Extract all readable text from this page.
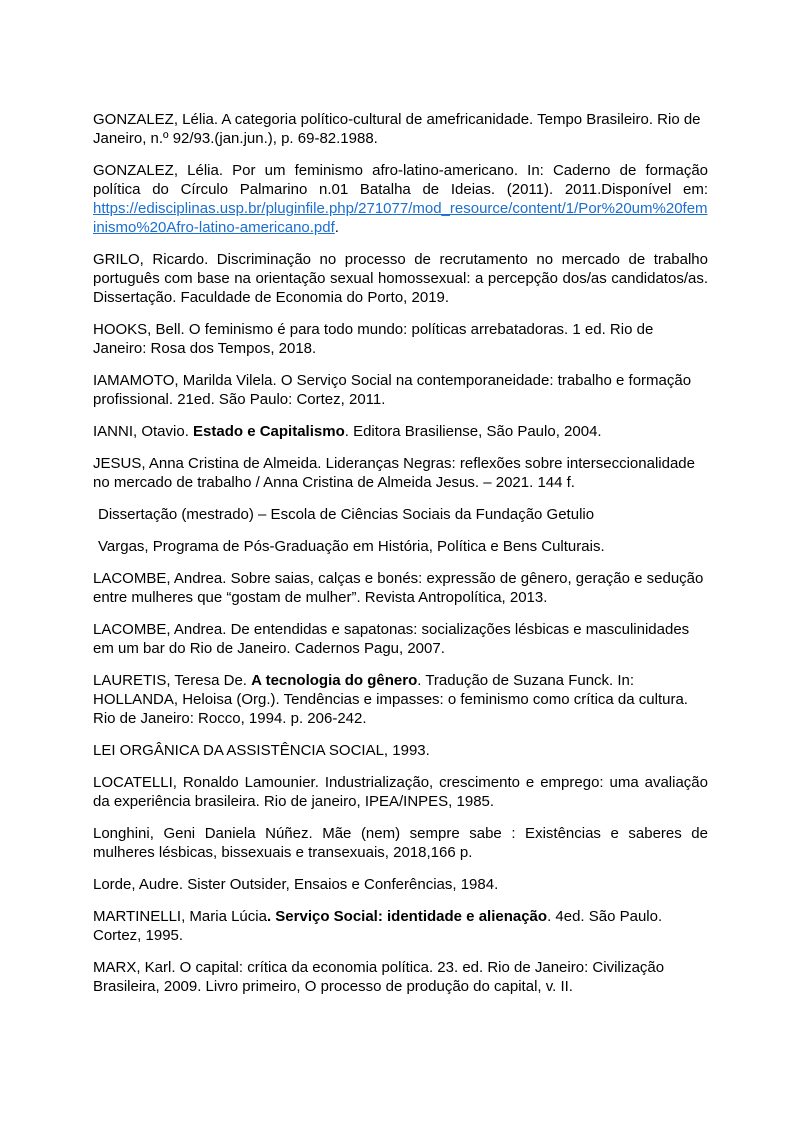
GONZALEZ, Lélia. A categoria político-cultural de amefricanidade. Tempo Brasileiro. Rio de Janeiro, n.º 92/93.(jan.jun.), p. 69-82.1988.

GONZALEZ, Lélia. Por um feminismo afro-latino-americano. In: Caderno de formação política do Círculo Palmarino n.01 Batalha de Ideias. (2011). 2011.Disponível em: https://edisciplinas.usp.br/pluginfile.php/271077/mod_resource/content/1/Por%20um%20feminismo%20Afro-latino-americano.pdf.

GRILO, Ricardo. Discriminação no processo de recrutamento no mercado de trabalho português com base na orientação sexual homossexual: a percepção dos/as candidatos/as. Dissertação. Faculdade de Economia do Porto, 2019.

HOOKS, Bell. O feminismo é para todo mundo: políticas arrebatadoras. 1 ed. Rio de Janeiro: Rosa dos Tempos, 2018.

IAMAMOTO, Marilda Vilela. O Serviço Social na contemporaneidade: trabalho e formação profissional. 21ed. São Paulo: Cortez, 2011.

IANNI, Otavio. Estado e Capitalismo. Editora Brasiliense, São Paulo, 2004.

JESUS, Anna Cristina de Almeida. Lideranças Negras: reflexões sobre interseccionalidade no mercado de trabalho / Anna Cristina de Almeida Jesus. – 2021. 144 f.

Dissertação (mestrado) – Escola de Ciências Sociais da Fundação Getulio

Vargas, Programa de Pós-Graduação em História, Política e Bens Culturais.

LACOMBE, Andrea. Sobre saias, calças e bonés: expressão de gênero, geração e sedução entre mulheres que “gostam de mulher”. Revista Antropolítica, 2013.

LACOMBE, Andrea. De entendidas e sapatonas: socializações lésbicas e masculinidades em um bar do Rio de Janeiro. Cadernos Pagu, 2007.

LAURETIS, Teresa De. A tecnologia do gênero. Tradução de Suzana Funck. In: HOLLANDA, Heloisa (Org.). Tendências e impasses: o feminismo como crítica da cultura. Rio de Janeiro: Rocco, 1994. p. 206-242.

LEI ORGÂNICA DA ASSISTÊNCIA SOCIAL, 1993.

LOCATELLI, Ronaldo Lamounier. Industrialização, crescimento e emprego: uma avaliação da experiência brasileira. Rio de janeiro, IPEA/INPES, 1985.

Longhini, Geni Daniela Núñez. Mãe (nem) sempre sabe : Existências e saberes de mulheres lésbicas, bissexuais e transexuais, 2018,166 p.

Lorde, Audre. Sister Outsider, Ensaios e Conferências, 1984.

MARTINELLI, Maria Lúcia. Serviço Social: identidade e alienação. 4ed. São Paulo. Cortez, 1995.

MARX, Karl. O capital: crítica da economia política. 23. ed. Rio de Janeiro: Civilização Brasileira, 2009. Livro primeiro, O processo de produção do capital, v. II.
